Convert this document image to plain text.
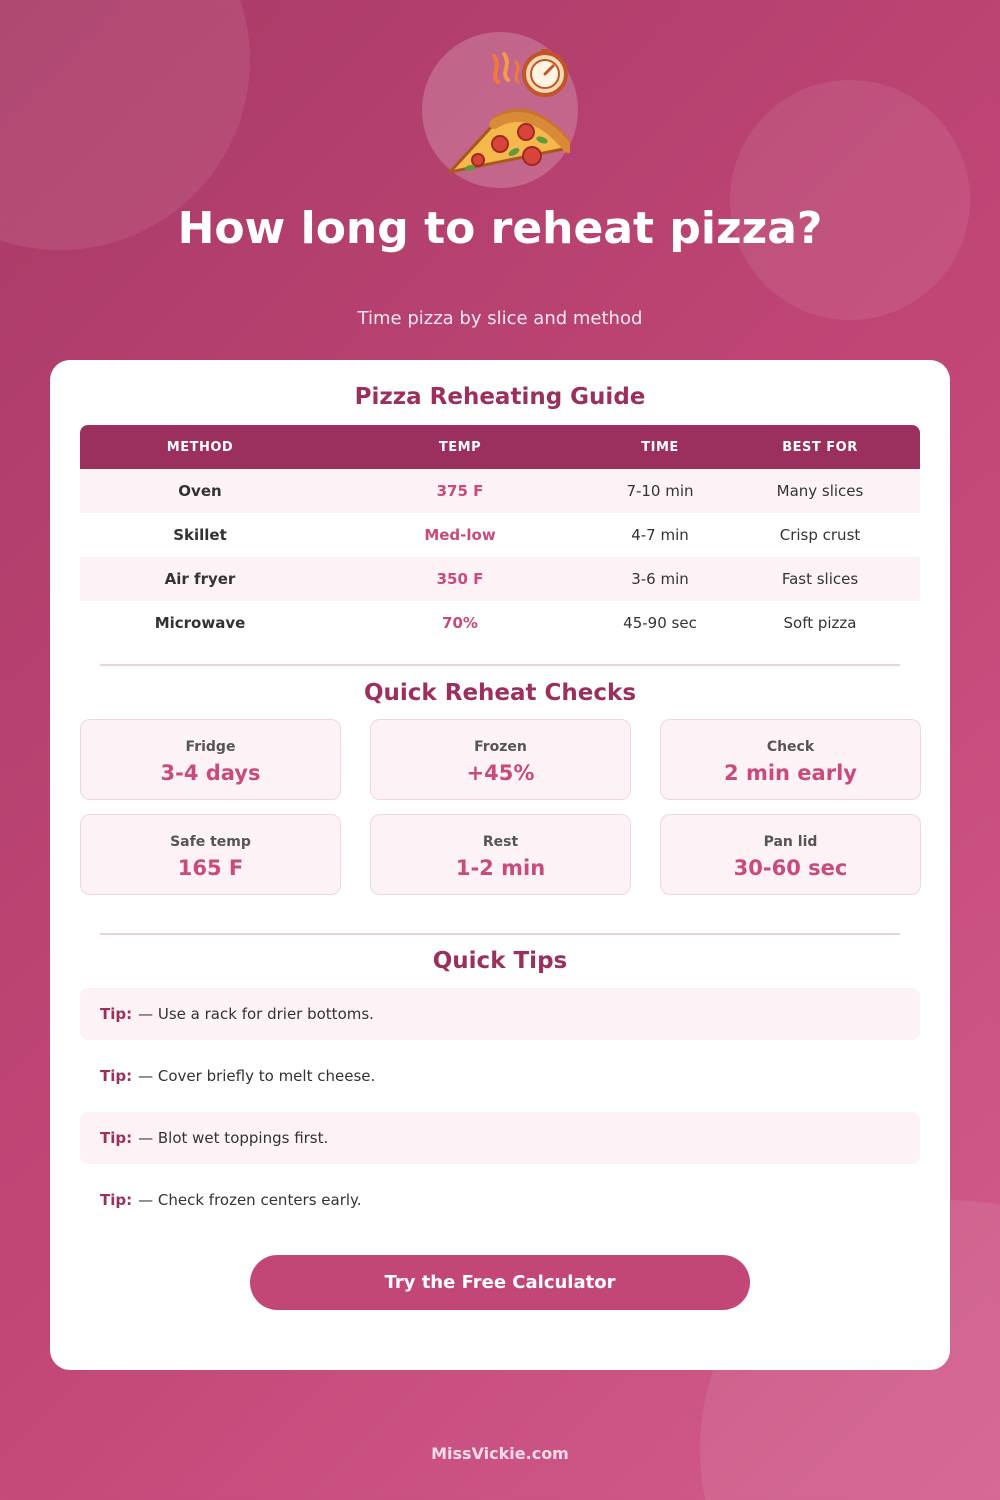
How long to reheat pizza?
Time pizza by slice and method
Pizza Reheating Guide
METHOD	TEMP	TIME	BEST FOR
Oven	375 F	7-10 min	Many slices
Skillet	Med-low	4-7 min	Crisp crust
Air fryer	350 F	3-6 min	Fast slices
Microwave	70%	45-90 sec	Soft pizza
Quick Reheat Checks
Fridge
3-4 days
Frozen
+45%
Check
2 min early
Safe temp
165 F
Rest
1-2 min
Pan lid
30-60 sec
Quick Tips
Tip: — Use a rack for drier bottoms.
Tip: — Cover briefly to melt cheese.
Tip: — Blot wet toppings first.
Tip: — Check frozen centers early.
Try the Free Calculator
MissVickie.com
